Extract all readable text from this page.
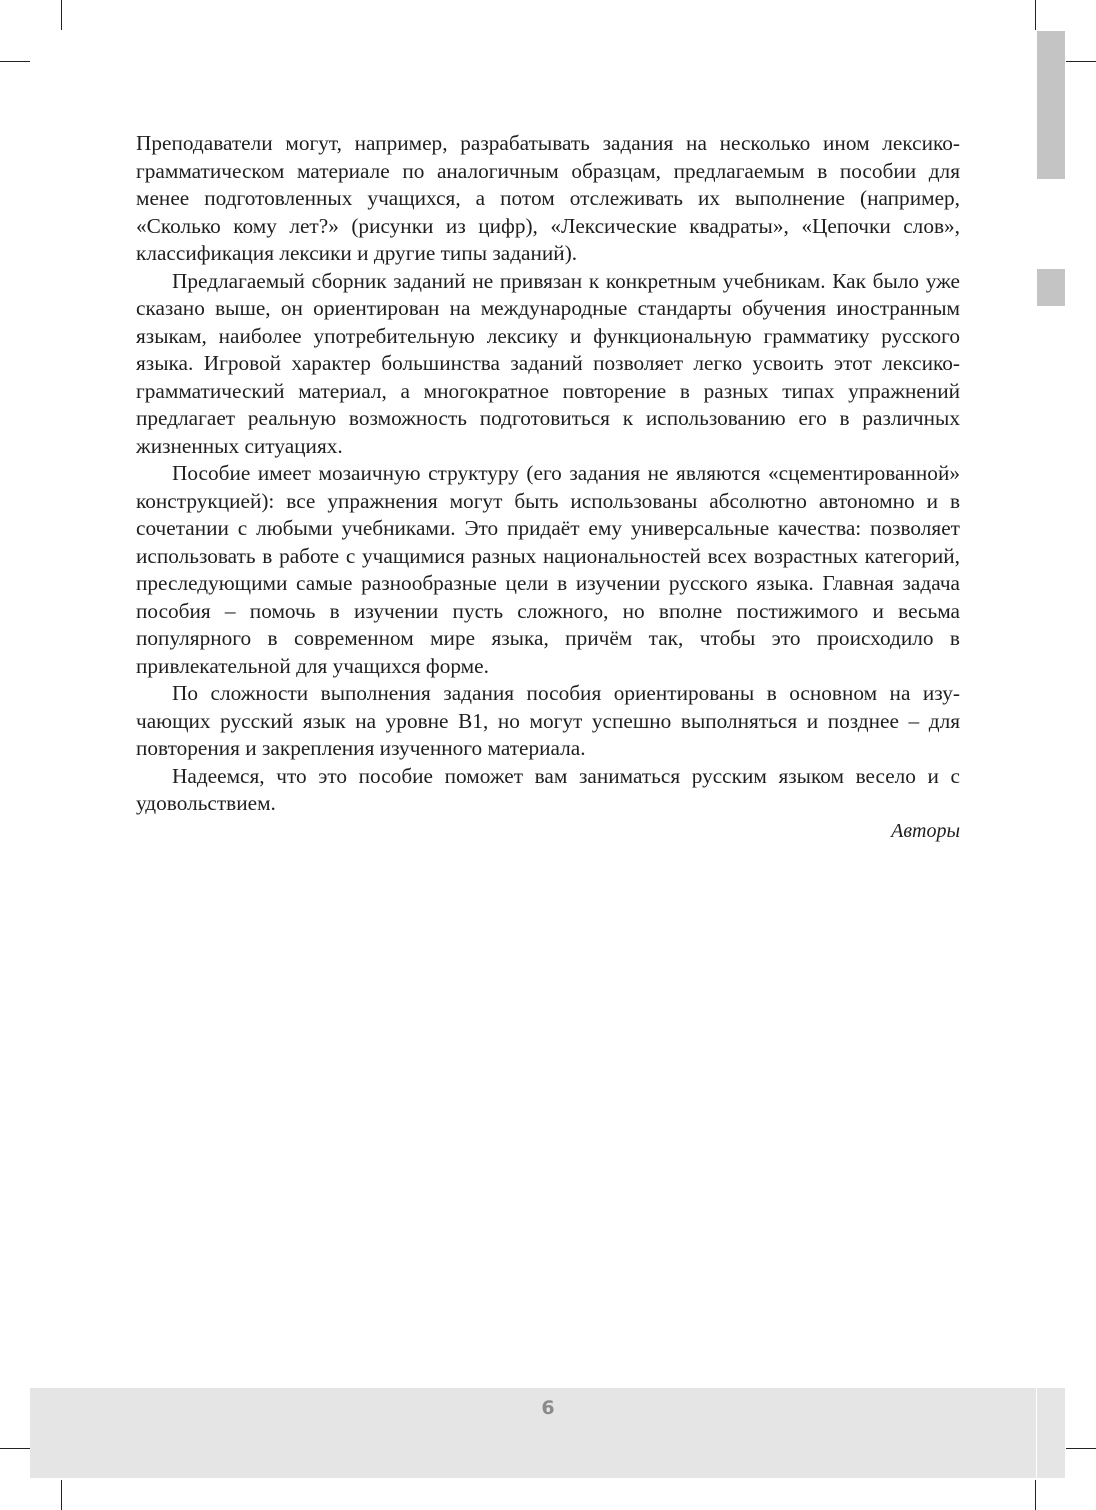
Преподаватели могут, например, разрабатывать задания на несколько ином лексико-грамматическом материале по аналогичным образцам, предлагаемым в пособии для менее подготовленных учащихся, а потом отслеживать их выполнение (например, «Сколько кому лет?» (рисунки из цифр), «Лексические квадраты», «Цепочки слов», классификация лексики и другие типы заданий).

Предлагаемый сборник заданий не привязан к конкретным учебникам. Как было уже сказано выше, он ориентирован на международные стандарты обучения иностранным языкам, наиболее употребительную лексику и функциональную грамматику русского языка. Игровой характер большинства заданий позволяет легко усвоить этот лексико-грамматический материал, а многократное повторение в разных типах упражнений предлагает реальную возможность подготовиться к использованию его в различных жизненных ситуациях.

Пособие имеет мозаичную структуру (его задания не являются «сцементированной» конструкцией): все упражнения могут быть использованы абсолютно автономно и в сочетании с любыми учебниками. Это придаёт ему универсальные качества: позволяет использовать в работе с учащимися разных национальностей всех возрастных категорий, преследующими самые разнообразные цели в изучении русского языка. Главная задача пособия – помочь в изучении пусть сложного, но вполне постижимого и весьма популярного в современном мире языка, причём так, чтобы это происходило в привлекательной для учащихся форме.

По сложности выполнения задания пособия ориентированы в основном на изучающих русский язык на уровне B1, но могут успешно выполняться и позднее – для повторения и закрепления изученного материала.

Надеемся, что это пособие поможет вам заниматься русским языком весело и с удовольствием.

Авторы

6
